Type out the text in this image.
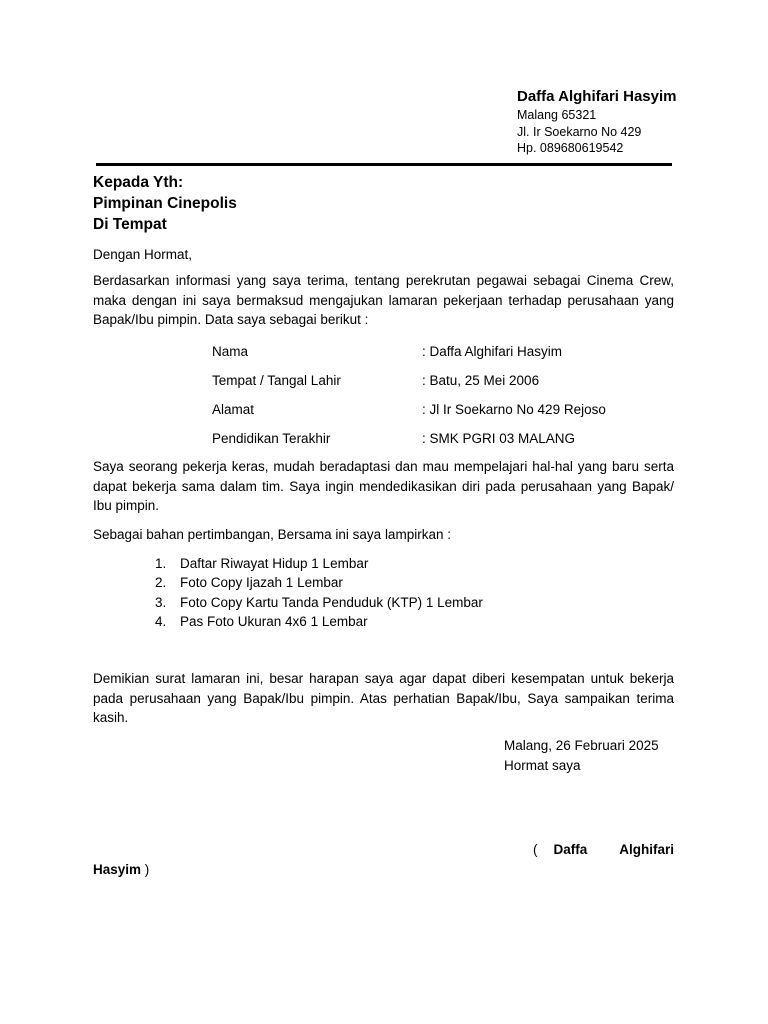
Daffa Alghifari Hasyim
Malang 65321
Jl. Ir Soekarno No 429
Hp. 089680619542
Kepada Yth:
Pimpinan Cinepolis
Di Tempat

Dengan Hormat,

Berdasarkan informasi yang saya terima, tentang perekrutan pegawai sebagai Cinema Crew, maka dengan ini saya bermaksud mengajukan lamaran pekerjaan terhadap perusahaan yang Bapak/Ibu pimpin. Data saya sebagai berikut :

Nama	: Daffa Alghifari Hasyim
Tempat / Tangal Lahir	: Batu, 25 Mei 2006
Alamat	: Jl Ir Soekarno No 429 Rejoso
Pendidikan Terakhir	: SMK PGRI 03 MALANG

Saya seorang pekerja keras, mudah beradaptasi dan mau mempelajari hal-hal yang baru serta dapat bekerja sama dalam tim. Saya ingin mendedikasikan diri pada perusahaan yang Bapak/ Ibu pimpin.

Sebagai bahan pertimbangan, Bersama ini saya lampirkan :

1. Daftar Riwayat Hidup 1 Lembar
2. Foto Copy Ijazah 1 Lembar
3. Foto Copy Kartu Tanda Penduduk (KTP) 1 Lembar
4. Pas Foto Ukuran 4x6 1 Lembar

Demikian surat lamaran ini, besar harapan saya agar dapat diberi kesempatan untuk bekerja pada perusahaan yang Bapak/Ibu pimpin. Atas perhatian Bapak/Ibu, Saya sampaikan terima kasih.

Malang, 26 Februari 2025
Hormat saya
( Daffa Alghifari
Hasyim )
